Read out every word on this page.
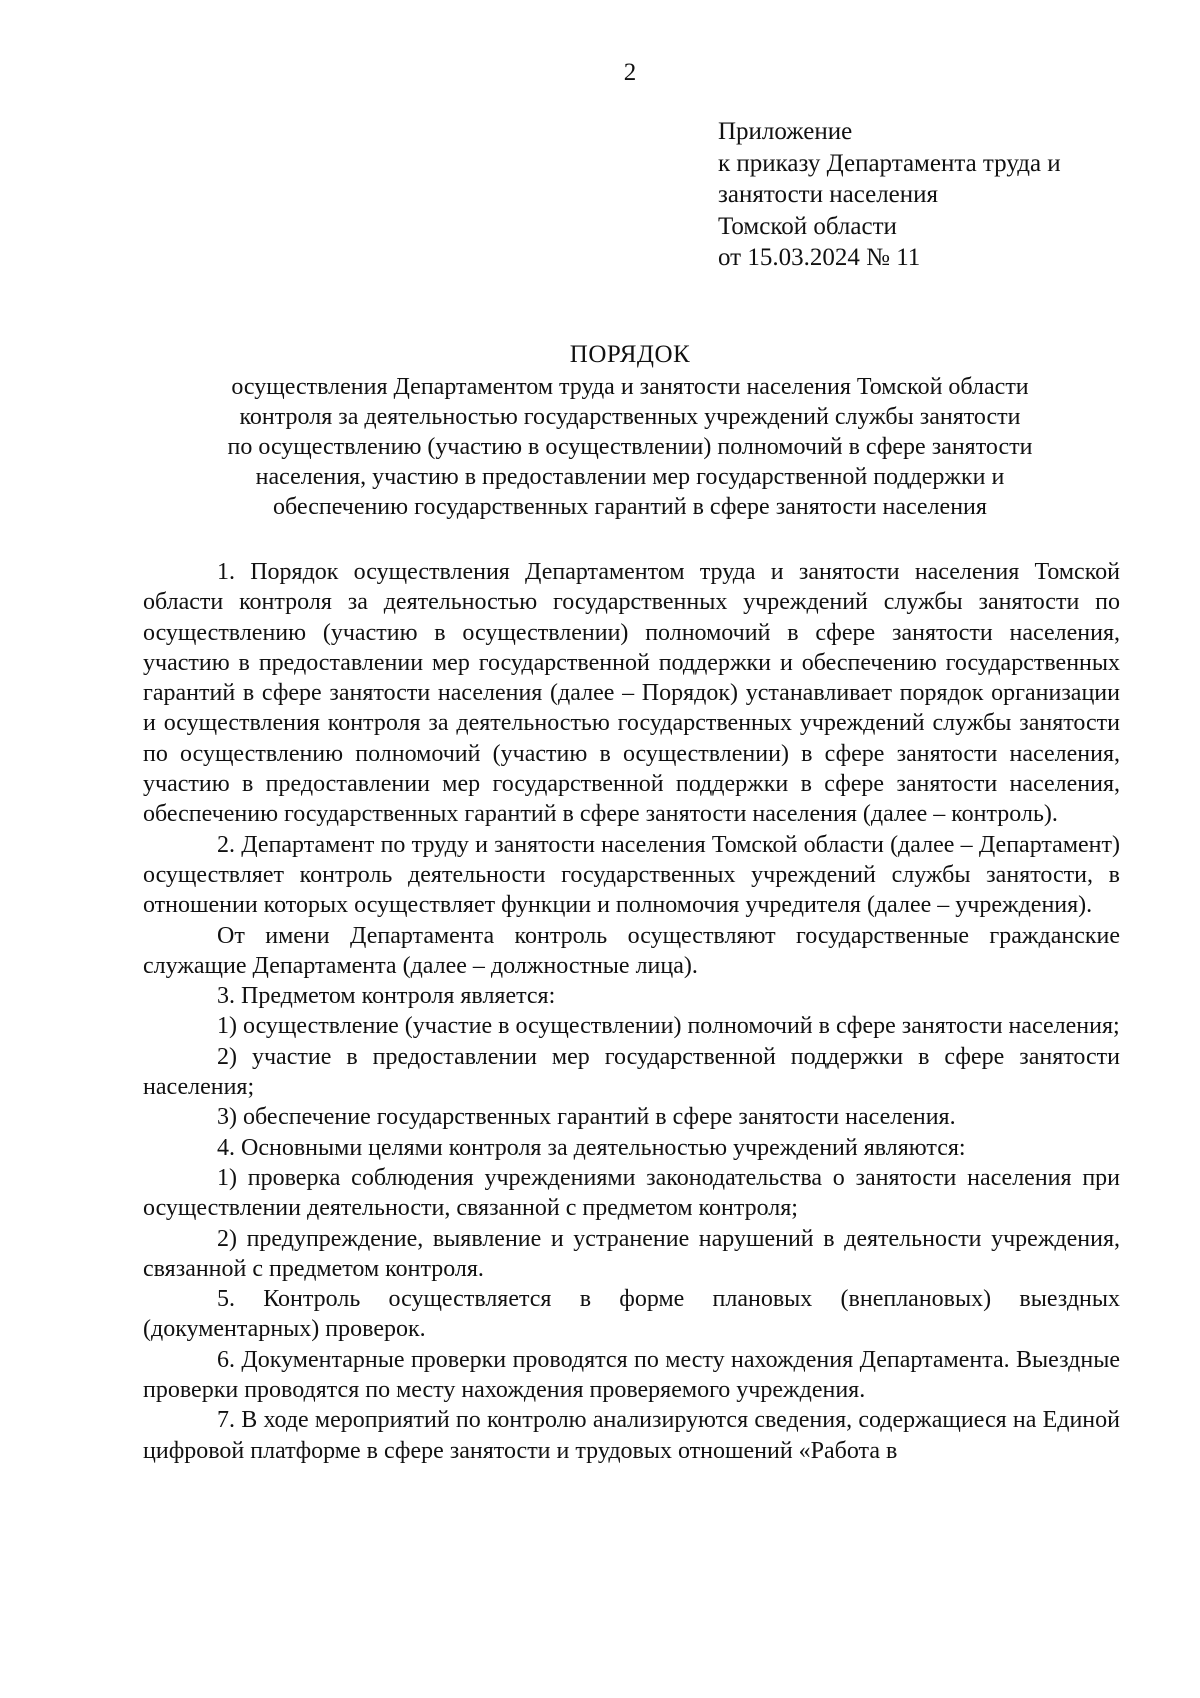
2
Приложение
к приказу Департамента труда и
занятости населения
Томской области
от 15.03.2024 № 11
ПОРЯДОК
осуществления Департаментом труда и занятости населения Томской области
контроля за деятельностью государственных учреждений службы занятости
по осуществлению (участию в осуществлении) полномочий в сфере занятости
населения, участию в предоставлении мер государственной поддержки и
обеспечению государственных гарантий в сфере занятости населения

1. Порядок осуществления Департаментом труда и занятости населения Томской области контроля за деятельностью государственных учреждений службы занятости по осуществлению (участию в осуществлении) полномочий в сфере занятости населения, участию в предоставлении мер государственной поддержки и обеспечению государственных гарантий в сфере занятости населения (далее – Порядок) устанавливает порядок организации и осуществления контроля за деятельностью государственных учреждений службы занятости по осуществлению полномочий (участию в осуществлении) в сфере занятости населения, участию в предоставлении мер государственной поддержки в сфере занятости населения, обеспечению государственных гарантий в сфере занятости населения (далее – контроль).

2. Департамент по труду и занятости населения Томской области (далее – Департамент) осуществляет контроль деятельности государственных учреждений службы занятости, в отношении которых осуществляет функции и полномочия учредителя (далее – учреждения).

От имени Департамента контроль осуществляют государственные гражданские служащие Департамента (далее – должностные лица).

3. Предметом контроля является:

1) осуществление (участие в осуществлении) полномочий в сфере занятости населения;

2) участие в предоставлении мер государственной поддержки в сфере занятости населения;

3) обеспечение государственных гарантий в сфере занятости населения.

4. Основными целями контроля за деятельностью учреждений являются:

1) проверка соблюдения учреждениями законодательства о занятости населения при осуществлении деятельности, связанной с предметом контроля;

2) предупреждение, выявление и устранение нарушений в деятельности учреждения, связанной с предметом контроля.

5. Контроль осуществляется в форме плановых (внеплановых) выездных (документарных) проверок.

6. Документарные проверки проводятся по месту нахождения Департамента. Выездные проверки проводятся по месту нахождения проверяемого учреждения.

7. В ходе мероприятий по контролю анализируются сведения, содержащиеся на Единой цифровой платформе в сфере занятости и трудовых отношений «Работа в
